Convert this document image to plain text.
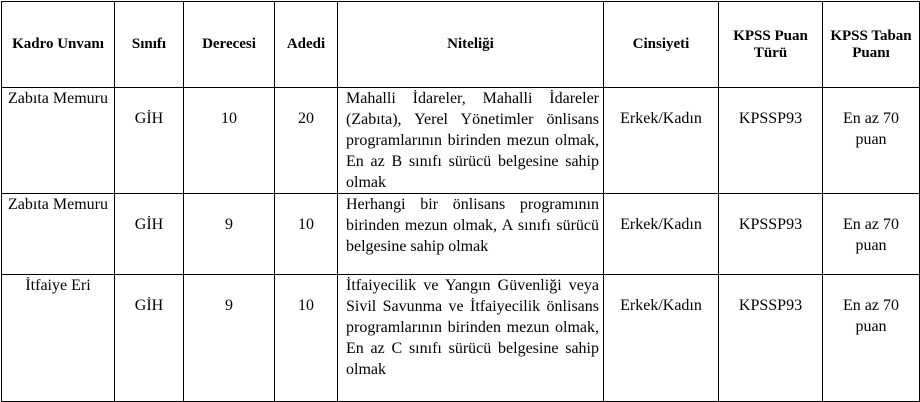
Kadro Unvanı	Sınıfı	Derecesi	Adedi	Niteliği	Cinsiyeti	KPSS Puan Türü	KPSS Taban Puanı
Zabıta Memuru	GİH	10	20	Mahalli İdareler, Mahalli İdareler (Zabıta), Yerel Yönetimler önlisans programlarının birinden mezun olmak, En az B sınıfı sürücü belgesine sahip olmak	Erkek/Kadın	KPSSP93	En az 70 puan

Zabıta Memuru	GİH	9	10	Herhangi bir önlisans programının birinden mezun olmak, A sınıfı sürücü belgesine sahip olmak	Erkek/Kadın	KPSSP93	En az 70 puan

İtfaiye Eri	GİH	9	10	İtfaiyecilik ve Yangın Güvenliği veya Sivil Savunma ve İtfaiyecilik önlisans programlarının birinden mezun olmak, En az C sınıfı sürücü belgesine sahip olmak	Erkek/Kadın	KPSSP93	En az 70 puan
